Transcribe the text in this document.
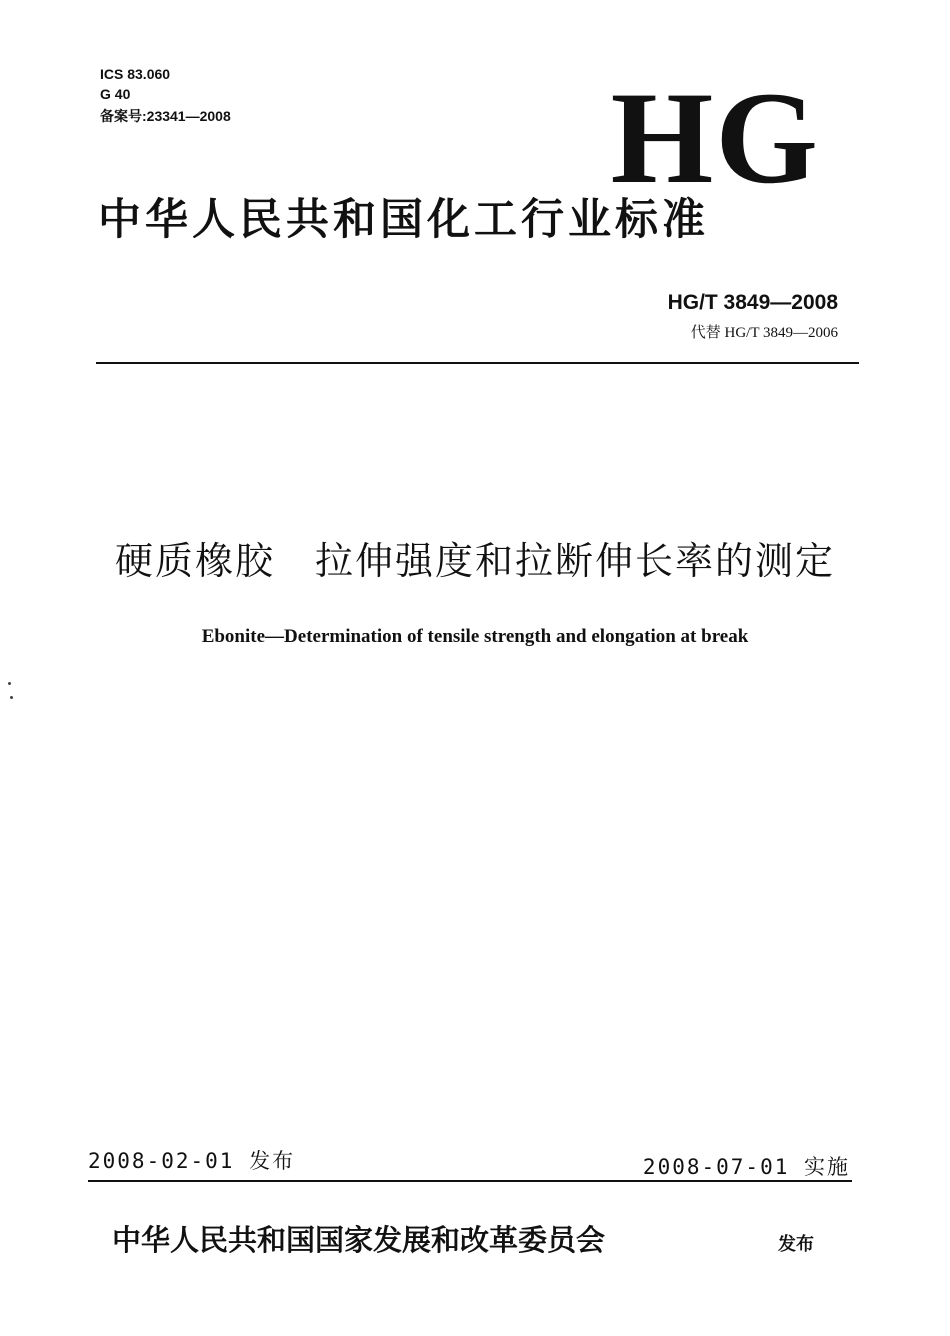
ICS 83.060
G 40
备案号:23341—2008	HG
中华人民共和国化工行业标准
HG/T 3849—2008
代替 HG/T 3849—2006
硬质橡胶　拉伸强度和拉断伸长率的测定
Ebonite—Determination of tensile strength and elongation at break
2008-02-01 发布	2008-07-01 实施
中华人民共和国国家发展和改革委员会	发布
